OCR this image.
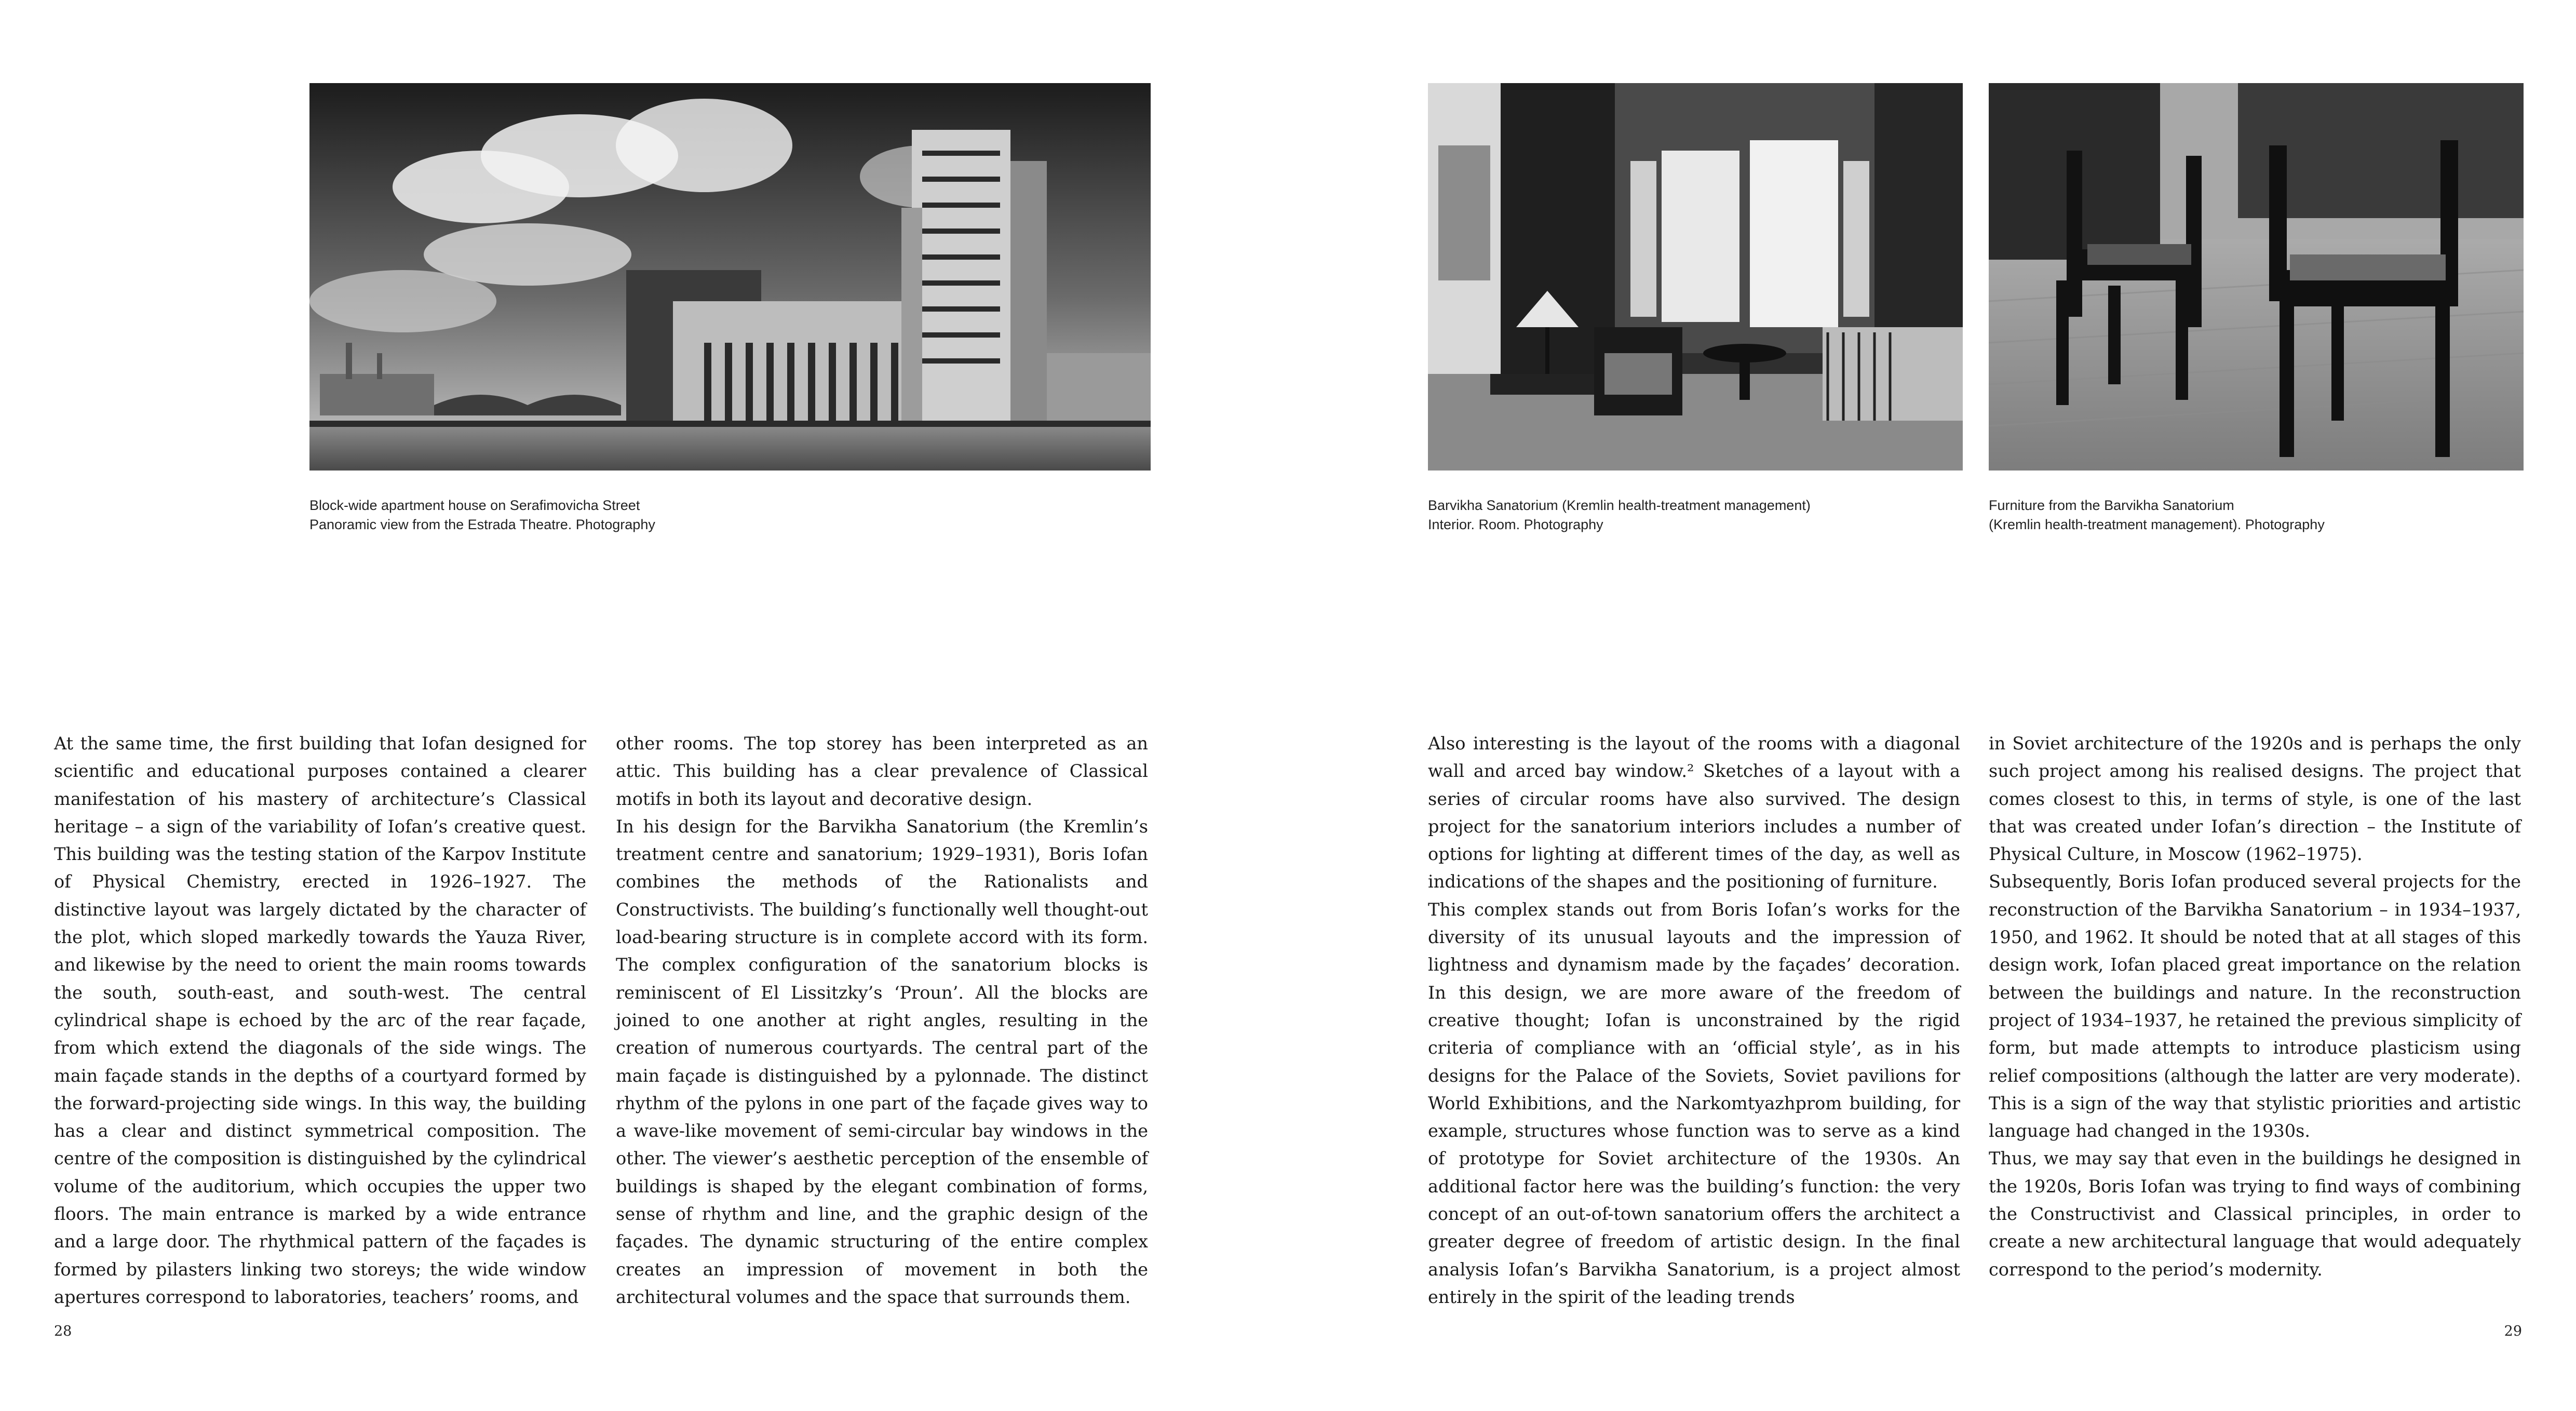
Block-wide apartment house on Serafimovicha Street
Panoramic view from the Estrada Theatre. Photography
Barvikha Sanatorium (Kremlin health-treatment management)
Interior. Room. Photography
Furniture from the Barvikha Sanatorium
(Kremlin health-treatment management). Photography

At the same time, the first building that Iofan designed for scientific and educational purposes contained a clearer manifestation of his mastery of architecture’s Classical heritage – a sign of the variability of Iofan’s creative quest. This building was the testing station of the Karpov Institute of Physical Chemistry, erected in 1926–1927. The distinctive layout was largely dictated by the character of the plot, which sloped markedly towards the Yauza River, and likewise by the need to orient the main rooms towards the south, south-east, and south-west. The central cylindrical shape is echoed by the arc of the rear façade, from which extend the diagonals of the side wings. The main façade stands in the depths of a courtyard formed by the forward-projecting side wings. In this way, the building has a clear and distinct symmetrical composition. The centre of the composition is distinguished by the cylindrical volume of the auditorium, which occupies the upper two floors. The main entrance is marked by a wide entrance and a large door. The rhythmical pattern of the façades is formed by pilasters linking two storeys; the wide window apertures correspond to laboratories, teachers’ rooms, and

other rooms. The top storey has been interpreted as an attic. This building has a clear prevalence of Classical motifs in both its layout and decorative design.

In his design for the Barvikha Sanatorium (the Kremlin’s treatment centre and sanatorium; 1929–1931), Boris Iofan combines the methods of the Rationalists and Constructivists. The building’s functionally well thought-out load-bearing structure is in complete accord with its form. The complex configuration of the sanatorium blocks is reminiscent of El Lissitzky’s ‘Proun’. All the blocks are joined to one another at right angles, resulting in the creation of numerous courtyards. The central part of the main façade is distinguished by a pylonnade. The distinct rhythm of the pylons in one part of the façade gives way to a wave-like movement of semi-circular bay windows in the other. The viewer’s aesthetic perception of the ensemble of buildings is shaped by the elegant combination of forms, sense of rhythm and line, and the graphic design of the façades. The dynamic structuring of the entire complex creates an impression of movement in both the architectural volumes and the space that surrounds them.

Also interesting is the layout of the rooms with a diagonal wall and arced bay window.² Sketches of a layout with a series of circular rooms have also survived. The design project for the sanatorium interiors includes a number of options for lighting at different times of the day, as well as indications of the shapes and the positioning of furniture.

This complex stands out from Boris Iofan’s works for the diversity of its unusual layouts and the impression of lightness and dynamism made by the façades’ decoration. In this design, we are more aware of the freedom of creative thought; Iofan is unconstrained by the rigid criteria of compliance with an ‘official style’, as in his designs for the Palace of the Soviets, Soviet pavilions for World Exhibitions, and the Narkomtyazhprom building, for example, structures whose function was to serve as a kind of prototype for Soviet architecture of the 1930s. An additional factor here was the building’s function: the very concept of an out-of-town sanatorium offers the architect a greater degree of freedom of artistic design. In the final analysis Iofan’s Barvikha Sanatorium, is a project almost entirely in the spirit of the leading trends

in Soviet architecture of the 1920s and is perhaps the only such project among his realised designs. The project that comes closest to this, in terms of style, is one of the last that was created under Iofan’s direction – the Institute of Physical Culture, in Moscow (1962–1975).

Subsequently, Boris Iofan produced several projects for the reconstruction of the Barvikha Sanatorium – in 1934–1937, 1950, and 1962. It should be noted that at all stages of this design work, Iofan placed great importance on the relation between the buildings and nature. In the reconstruction project of 1934–1937, he retained the previous simplicity of form, but made attempts to introduce plasticism using relief compositions (although the latter are very moderate). This is a sign of the way that stylistic priorities and artistic language had changed in the 1930s.

Thus, we may say that even in the buildings he designed in the 1920s, Boris Iofan was trying to find ways of combining the Constructivist and Classical principles, in order to create a new architectural language that would adequately correspond to the period’s modernity.

28	29
